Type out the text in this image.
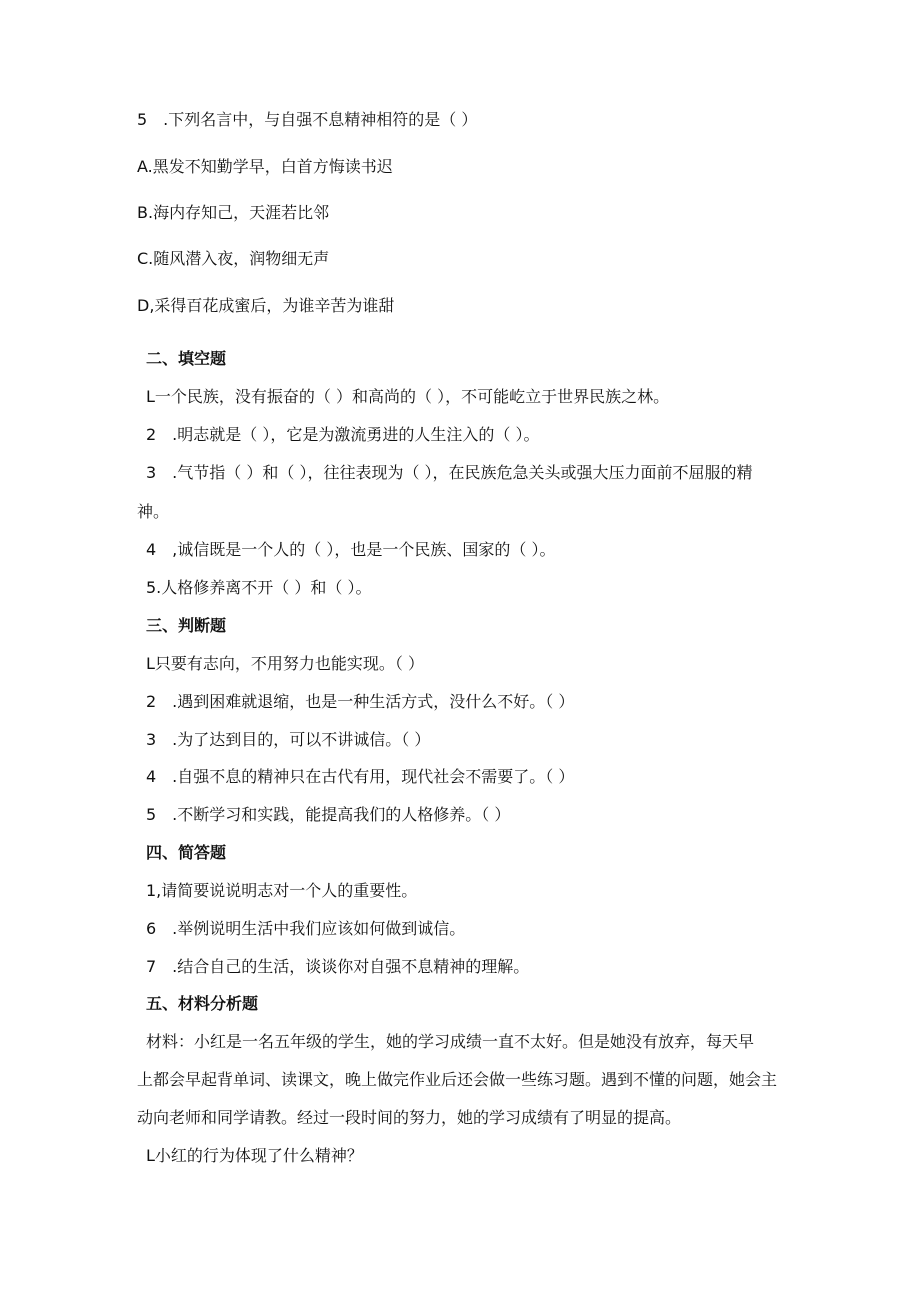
5　.下列名言中，与自强不息精神相符的是（ ）
A.黑发不知勤学早，白首方悔读书迟
B.海内存知己，天涯若比邻
C.随风潜入夜，润物细无声
D,采得百花成蜜后，为谁辛苦为谁甜
二、填空题
L一个民族，没有振奋的（ ）和高尚的（ ），不可能屹立于世界民族之林。
2　.明志就是（ ），它是为激流勇进的人生注入的（ ）。
3　.气节指（ ）和（ ），往往表现为（ ），在民族危急关头或强大压力面前不屈服的精
神。
4　,诚信既是一个人的（ ），也是一个民族、国家的（ ）。
5.人格修养离不开（ ）和（ ）。
三、判断题
L只要有志向，不用努力也能实现。（ ）
2　.遇到困难就退缩，也是一种生活方式，没什么不好。（ ）
3　.为了达到目的，可以不讲诚信。（ ）
4　.自强不息的精神只在古代有用，现代社会不需要了。（ ）
5　.不断学习和实践，能提高我们的人格修养。（ ）
四、简答题
1,请简要说说明志对一个人的重要性。
6　.举例说明生活中我们应该如何做到诚信。
7　.结合自己的生活，谈谈你对自强不息精神的理解。
五、材料分析题
材料：小红是一名五年级的学生，她的学习成绩一直不太好。但是她没有放弃，每天早
上都会早起背单词、读课文，晚上做完作业后还会做一些练习题。遇到不懂的问题，她会主
动向老师和同学请教。经过一段时间的努力，她的学习成绩有了明显的提高。
L小红的行为体现了什么精神？
